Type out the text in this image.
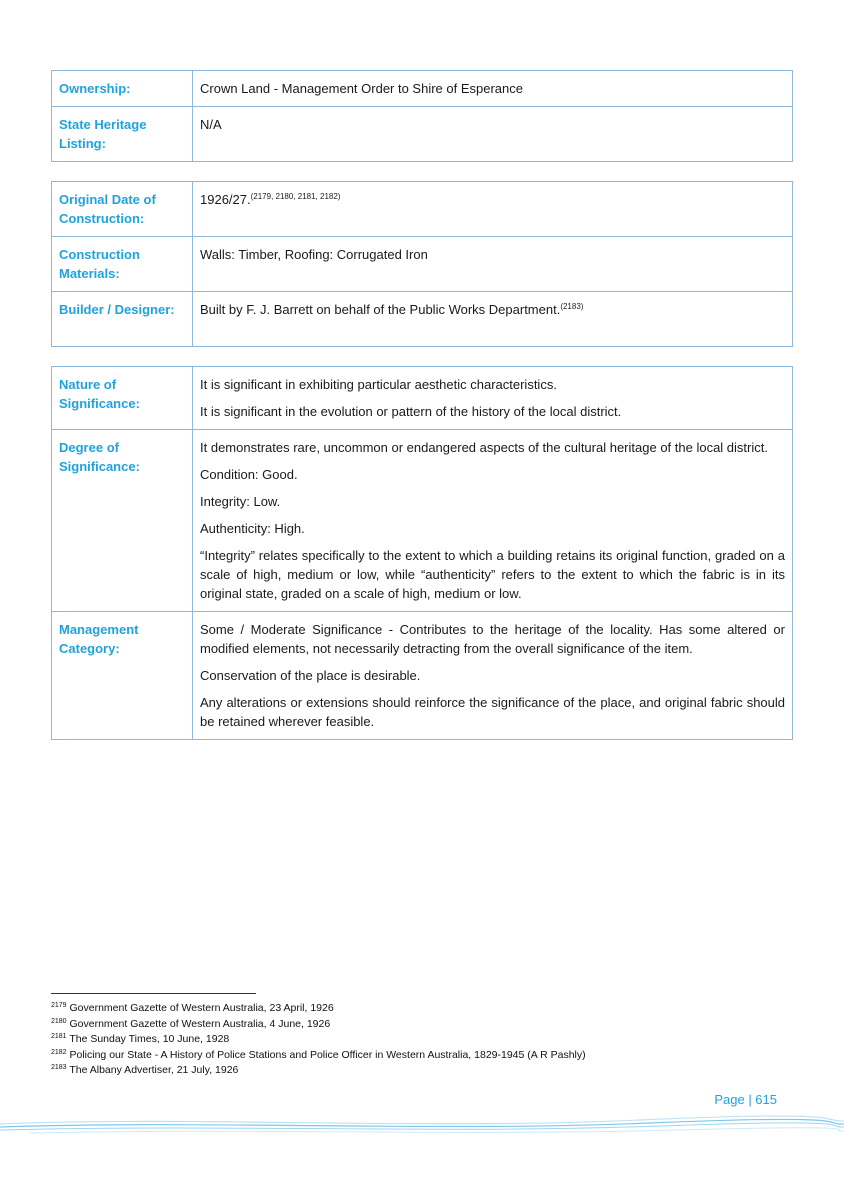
Ownership:	Crown Land - Management Order to Shire of Esperance
State Heritage Listing:	N/A
Original Date of Construction:	1926/27.$^{(2179, 2180, 2181, 2182)}$
Construction Materials:	Walls: Timber, Roofing: Corrugated Iron
Builder / Designer:	Built by F. J. Barrett on behalf of the Public Works Department.$^{(2183)}$
Nature of Significance:	It is significant in exhibiting particular aesthetic characteristics.

It is significant in the evolution or pattern of the history of the local district.

Degree of Significance:	It demonstrates rare, uncommon or endangered aspects of the cultural heritage of the local district.

Condition: Good.

Integrity: Low.

Authenticity: High.

“Integrity” relates specifically to the extent to which a building retains its original function, graded on a scale of high, medium or low, while “authenticity” refers to the extent to which the fabric is in its original state, graded on a scale of high, medium or low.

Management Category:	Some / Moderate Significance - Contributes to the heritage of the locality. Has some altered or modified elements, not necessarily detracting from the overall significance of the item.

Conservation of the place is desirable.

Any alterations or extensions should reinforce the significance of the place, and original fabric should be retained wherever feasible.

$^{2179}$ Government Gazette of Western Australia, 23 April, 1926
$^{2180}$ Government Gazette of Western Australia, 4 June, 1926
$^{2181}$ The Sunday Times, 10 June, 1928
$^{2182}$ Policing our State - A History of Police Stations and Police Officer in Western Australia, 1829-1945 (A R Pashly)
$^{2183}$ The Albany Advertiser, 21 July, 1926
Page | 615
